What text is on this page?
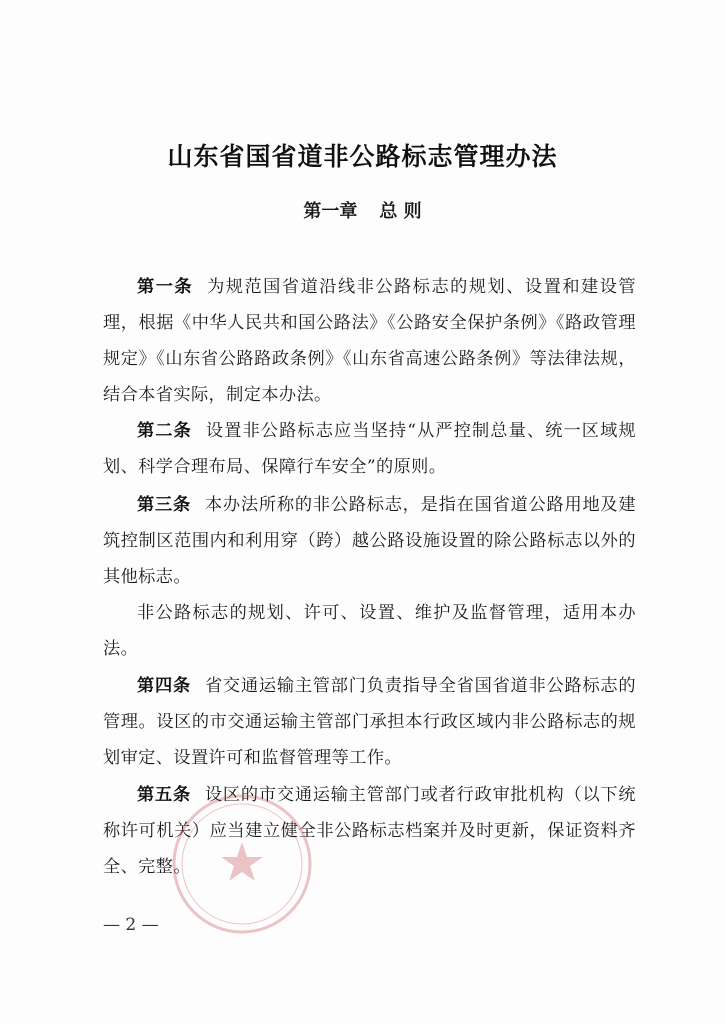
山东省国省道非公路标志管理办法
第一章 总 则

第一条 为规范国省道沿线非公路标志的规划、设置和建设管理，根据《中华人民共和国公路法》《公路安全保护条例》《路政管理规定》《山东省公路路政条例》《山东省高速公路条例》等法律法规，结合本省实际，制定本办法。

第二条 设置非公路标志应当坚持“从严控制总量、统一区域规划、科学合理布局、保障行车安全”的原则。

第三条 本办法所称的非公路标志，是指在国省道公路用地及建筑控制区范围内和利用穿（跨）越公路设施设置的除公路标志以外的其他标志。

非公路标志的规划、许可、设置、维护及监督管理，适用本办法。

第四条 省交通运输主管部门负责指导全省国省道非公路标志的管理。设区的市交通运输主管部门承担本行政区域内非公路标志的规划审定、设置许可和监督管理等工作。

第五条 设区的市交通运输主管部门或者行政审批机构（以下统称许可机关）应当建立健全非公路标志档案并及时更新，保证资料齐全、完整。

— 2 —
